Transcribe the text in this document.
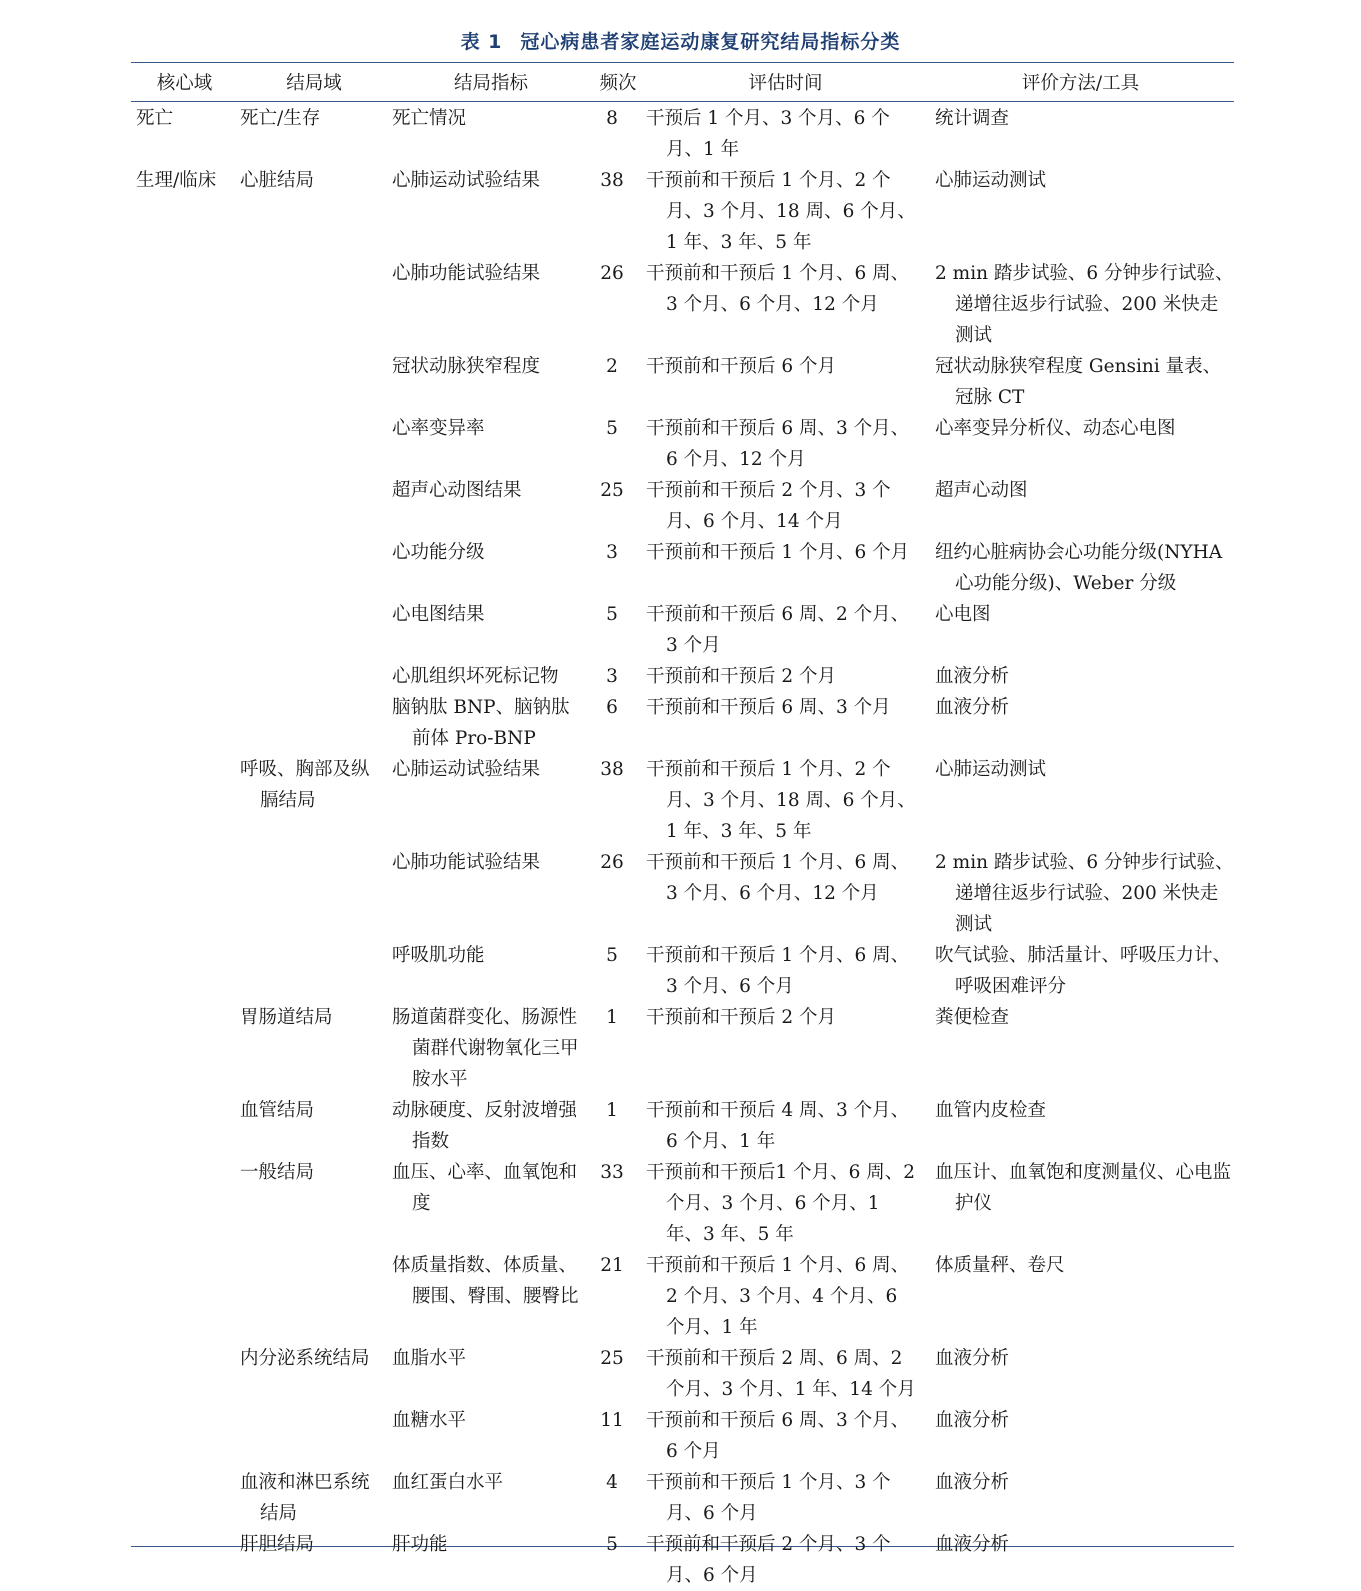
表 1 冠心病患者家庭运动康复研究结局指标分类
核心域	结局域	结局指标	频次	评估时间	评价方法/工具

死亡	死亡/生存	死亡情况	8	干预后 1 个月、3 个月、6 个月、1 年	统计调查

生理/临床	心脏结局	心肺运动试验结果	38	干预前和干预后 1 个月、2 个月、3 个月、18 周、6 个月、1 年、3 年、5 年	心肺运动测试

		心肺功能试验结果	26	干预前和干预后 1 个月、6 周、3 个月、6 个月、12 个月	2 min 踏步试验、6 分钟步行试验、递增往返步行试验、200 米快走测试

		冠状动脉狭窄程度	2	干预前和干预后 6 个月	冠状动脉狭窄程度 Gensini 量表、冠脉 CT

		心率变异率	5	干预前和干预后 6 周、3 个月、6 个月、12 个月	心率变异分析仪、动态心电图

		超声心动图结果	25	干预前和干预后 2 个月、3 个月、6 个月、14 个月	超声心动图

		心功能分级	3	干预前和干预后 1 个月、6 个月	纽约心脏病协会心功能分级(NYHA 心功能分级)、Weber 分级

		心电图结果	5	干预前和干预后 6 周、2 个月、3 个月	心电图

		心肌组织坏死标记物	3	干预前和干预后 2 个月	血液分析

		脑钠肽 BNP、脑钠肽前体 Pro-BNP	6	干预前和干预后 6 周、3 个月	血液分析

	呼吸、胸部及纵膈结局	心肺运动试验结果	38	干预前和干预后 1 个月、2 个月、3 个月、18 周、6 个月、1 年、3 年、5 年	心肺运动测试

		心肺功能试验结果	26	干预前和干预后 1 个月、6 周、3 个月、6 个月、12 个月	2 min 踏步试验、6 分钟步行试验、递增往返步行试验、200 米快走测试

		呼吸肌功能	5	干预前和干预后 1 个月、6 周、3 个月、6 个月	吹气试验、肺活量计、呼吸压力计、呼吸困难评分

	胃肠道结局	肠道菌群变化、肠源性菌群代谢物氧化三甲胺水平	1	干预前和干预后 2 个月	粪便检查

	血管结局	动脉硬度、反射波增强指数	1	干预前和干预后 4 周、3 个月、6 个月、1 年	血管内皮检查

	一般结局	血压、心率、血氧饱和度	33	干预前和干预后1 个月、6 周、2 个月、3 个月、6 个月、1 年、3 年、5 年	血压计、血氧饱和度测量仪、心电监护仪

		体质量指数、体质量、腰围、臀围、腰臀比	21	干预前和干预后 1 个月、6 周、2 个月、3 个月、4 个月、6 个月、1 年	体质量秤、卷尺

	内分泌系统结局	血脂水平	25	干预前和干预后 2 周、6 周、2 个月、3 个月、1 年、14 个月	血液分析

		血糖水平	11	干预前和干预后 6 周、3 个月、6 个月	血液分析

	血液和淋巴系统结局	血红蛋白水平	4	干预前和干预后 1 个月、3 个月、6 个月	血液分析

	肝胆结局	肝功能	5	干预前和干预后 2 个月、3 个月、6 个月	血液分析
